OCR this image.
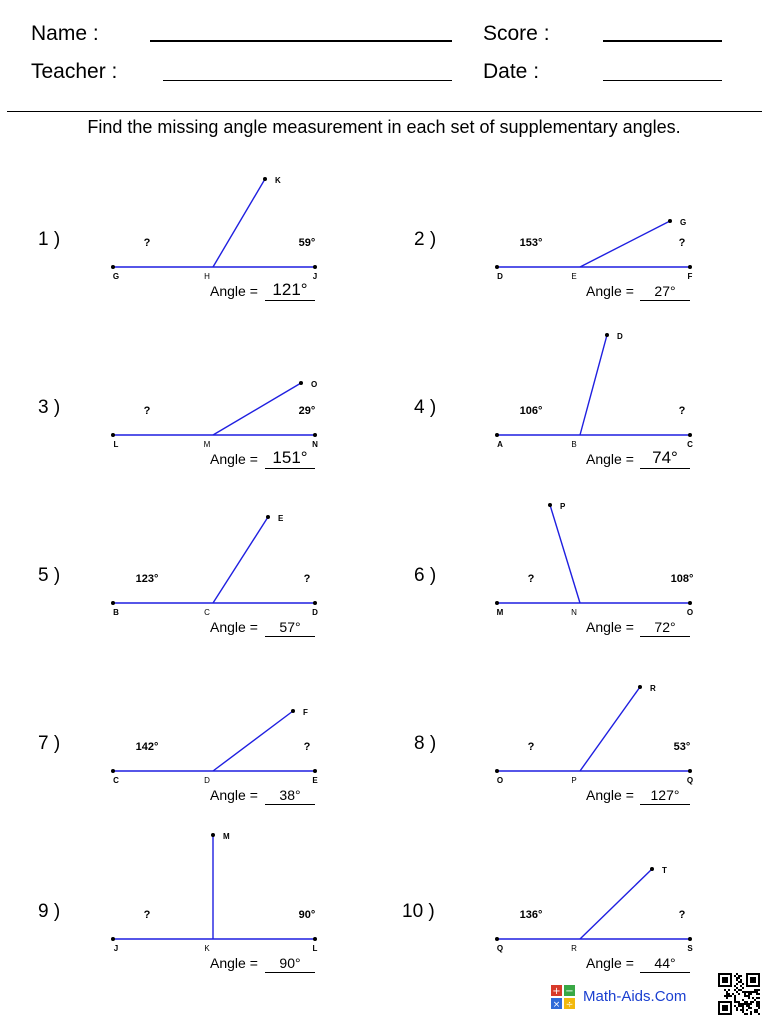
Name :
Teacher :
Score :
Date :
Find the missing angle measurement in each set of supplementary angles.
1 )
G	H	J
K
?	59°
Angle = 121°
2 )
D	E	F
G
153°	?
Angle =	27°
3 )
L	M	N
O
?	29°
Angle = 151°
4 )
A	B	C
D
106°	?
Angle =	74°
5 )
B	C	D
E
123°	?
Angle =	57°
6 )
M	N	O
P
?	108°
Angle =	72°
7 )
C	D	E
F
142°	?
Angle =	38°
8 )
O	P	Q
R
?	53°
Angle =	127°
9 )
J	K	L
M
?	90°
Angle =	90°
10 )
Q	R	S
T
136°	?
Angle =	44°
+ −
× ÷ Math-Aids.Com
